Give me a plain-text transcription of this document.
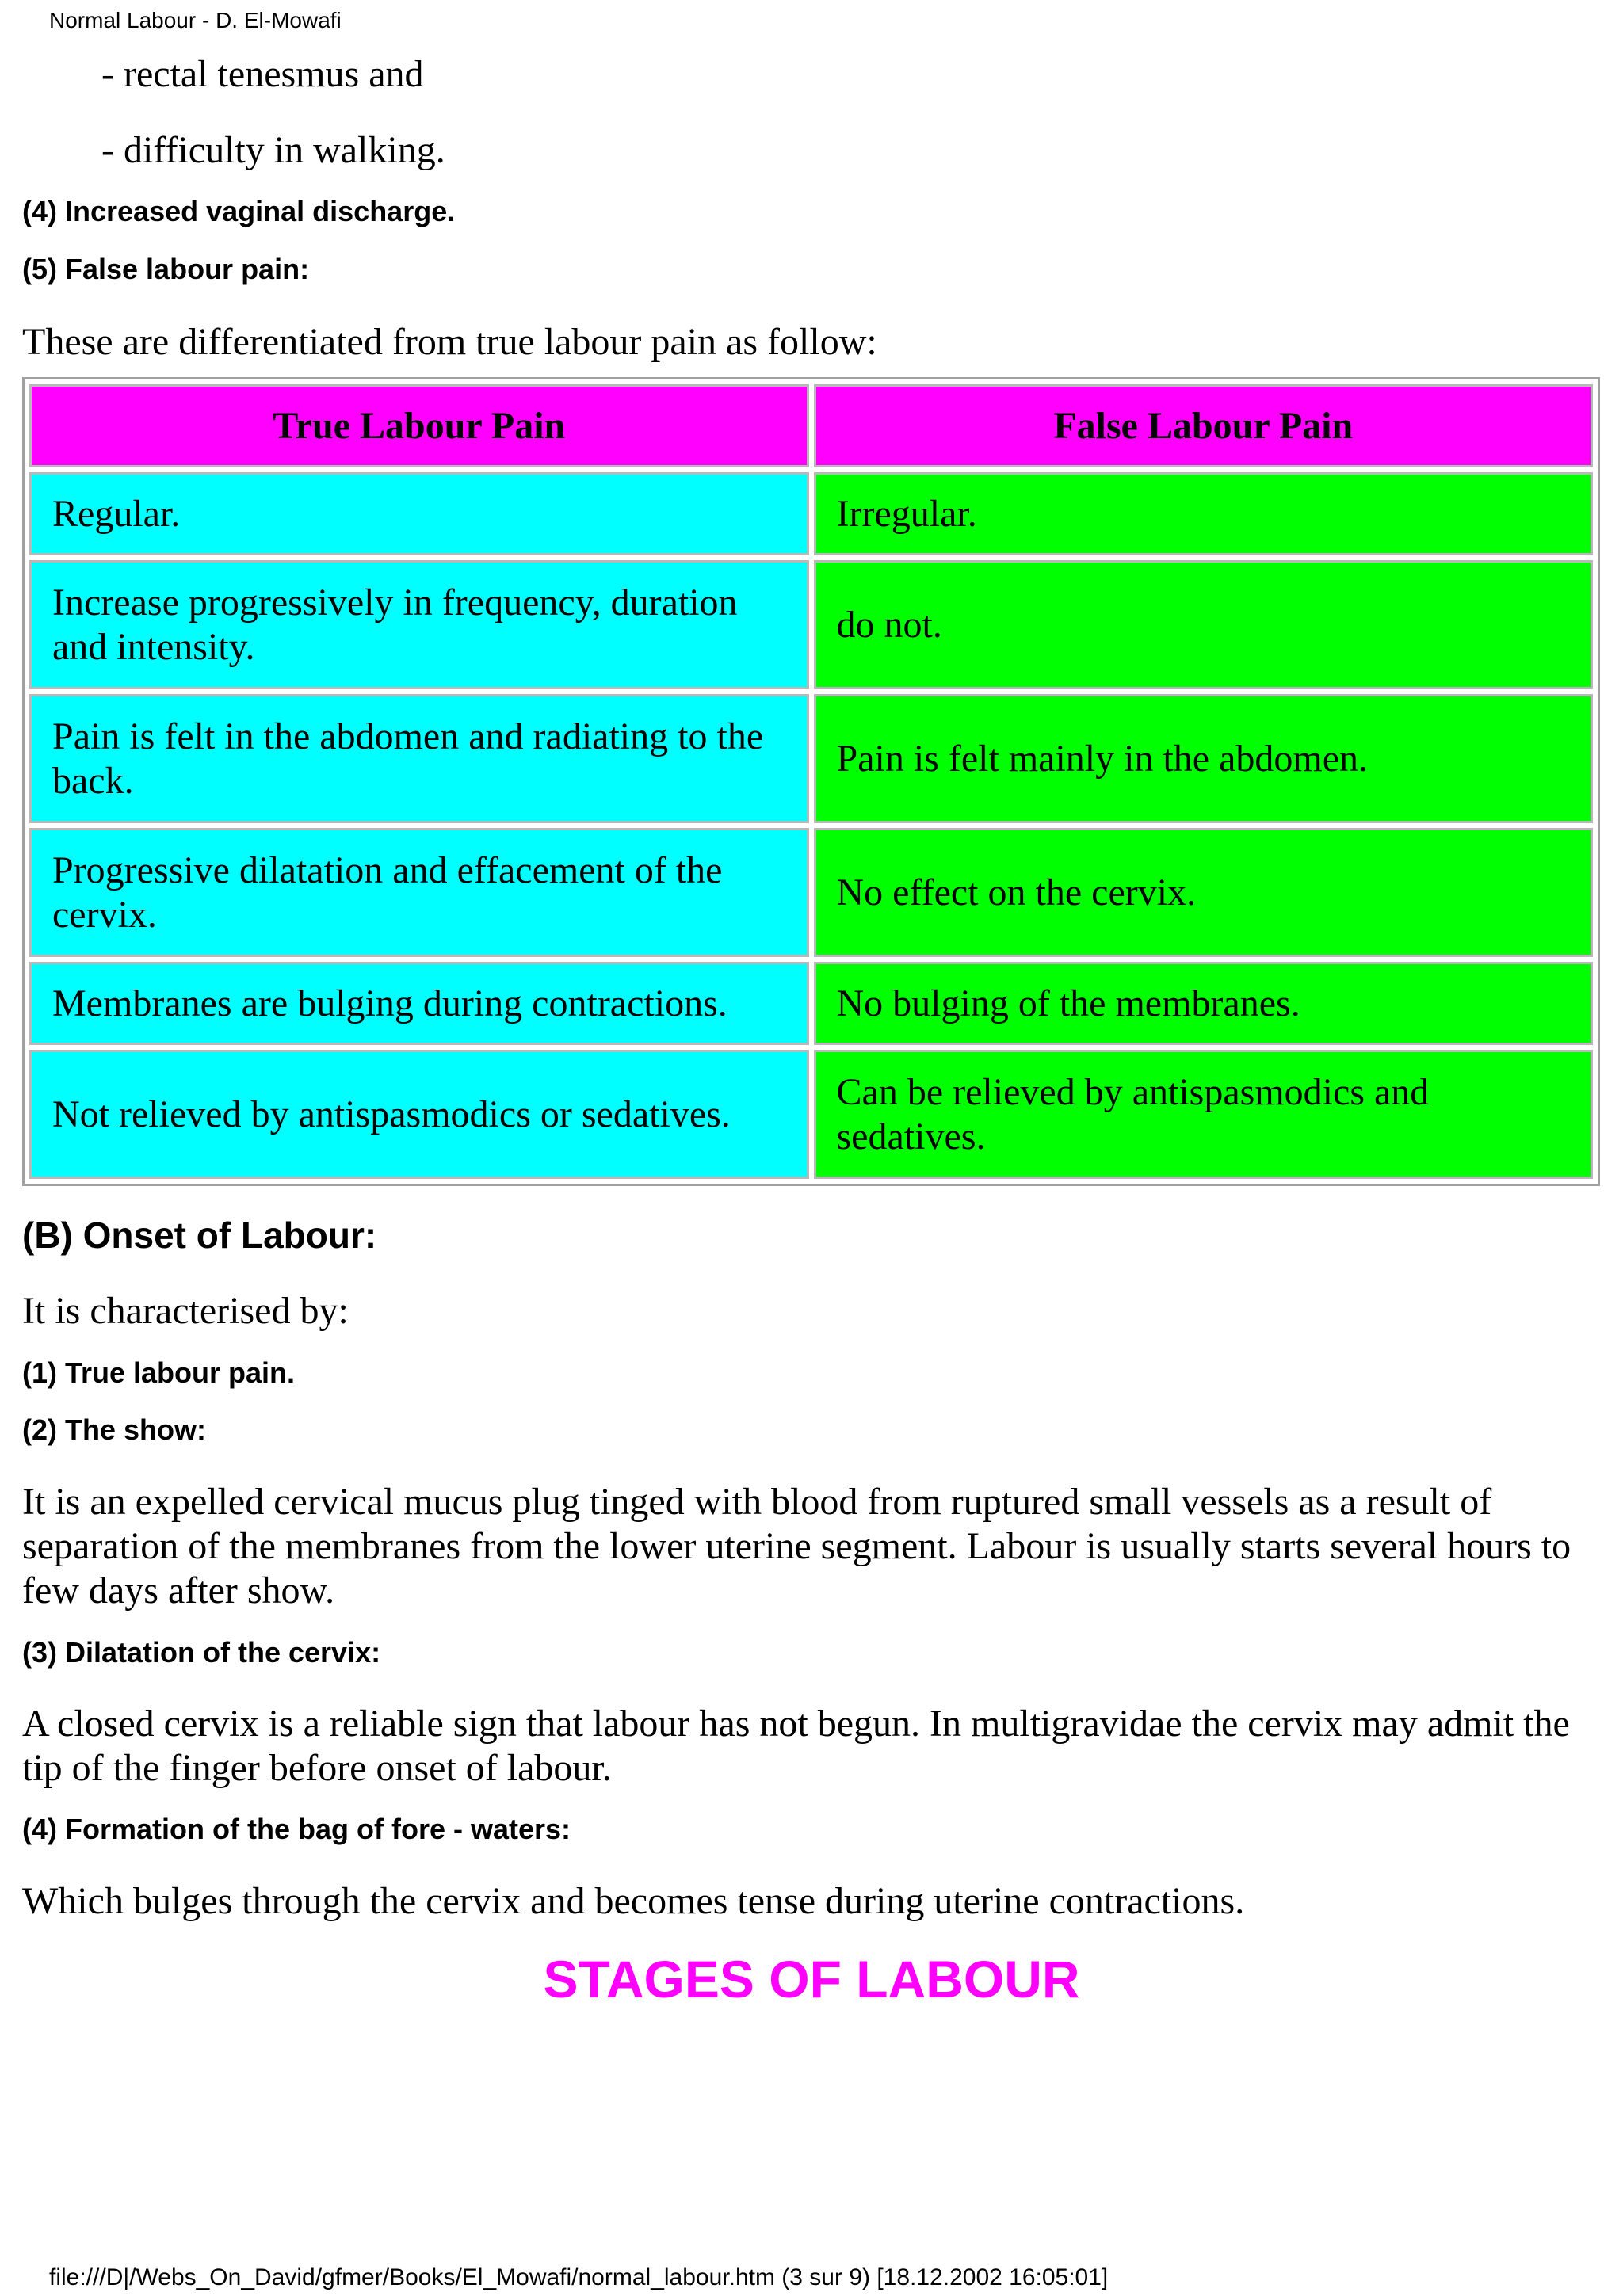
Normal Labour - D. El-Mowafi
- rectal tenesmus and
- difficulty in walking.
(4) Increased vaginal discharge.
(5) False labour pain:
These are differentiated from true labour pain as follow:
True Labour Pain	False Labour Pain
Regular.	Irregular.
Increase progressively in frequency, duration and intensity.	do not.
Pain is felt in the abdomen and radiating to the back.	Pain is felt mainly in the abdomen.
Progressive dilatation and effacement of the cervix.	No effect on the cervix.
Membranes are bulging during contractions.	No bulging of the membranes.
Not relieved by antispasmodics or sedatives.	Can be relieved by antispasmodics and sedatives.
(B) Onset of Labour:
It is characterised by:
(1) True labour pain.
(2) The show:
It is an expelled cervical mucus plug tinged with blood from ruptured small vessels as a result of separation of the membranes from the lower uterine segment. Labour is usually starts several hours to few days after show.
(3) Dilatation of the cervix:
A closed cervix is a reliable sign that labour has not begun. In multigravidae the cervix may admit the tip of the finger before onset of labour.
(4) Formation of the bag of fore - waters:
Which bulges through the cervix and becomes tense during uterine contractions.
STAGES OF LABOUR
file:///D|/Webs_On_David/gfmer/Books/El_Mowafi/normal_labour.htm (3 sur 9) [18.12.2002 16:05:01]
